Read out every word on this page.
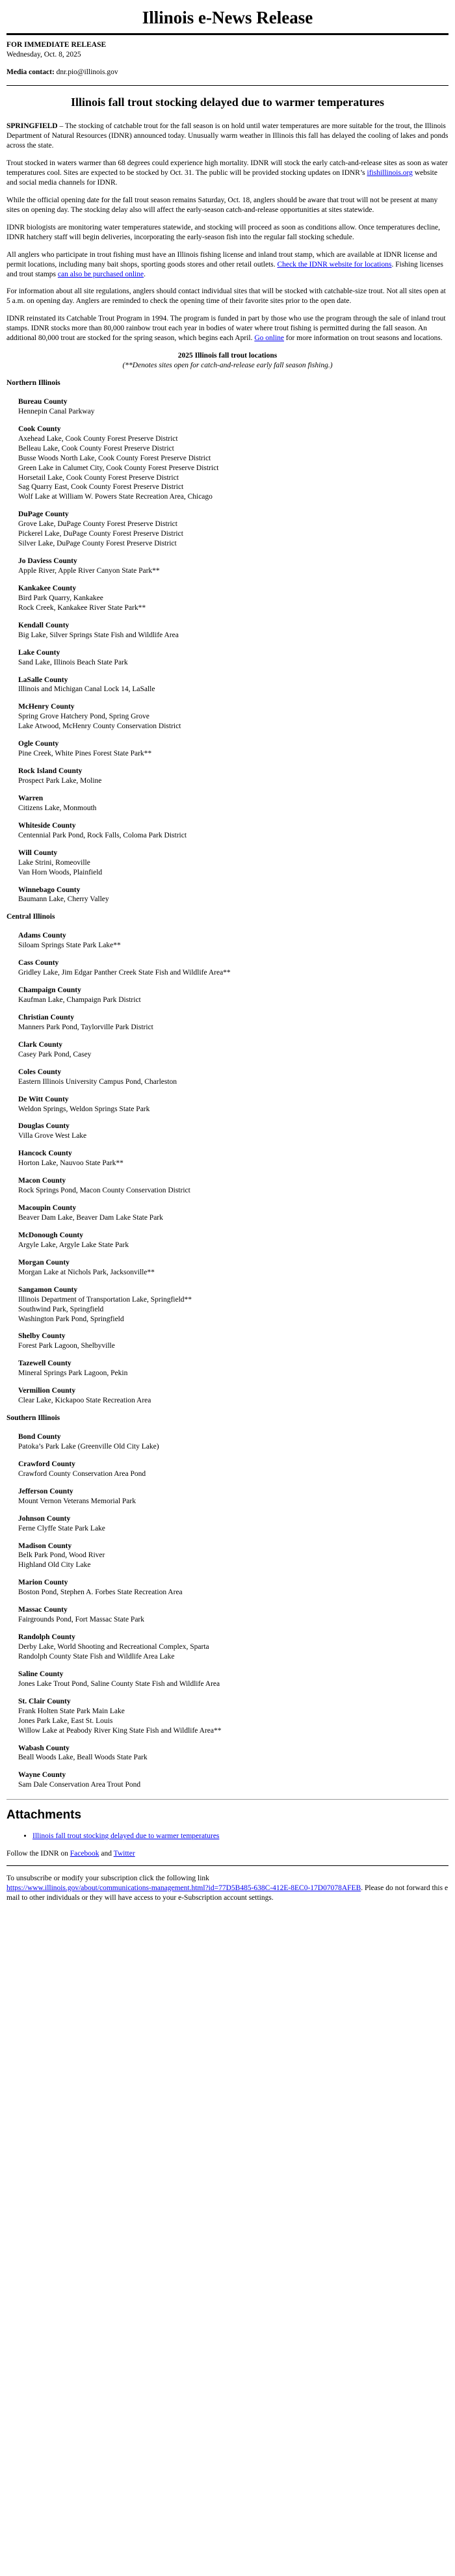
Illinois e-News Release

FOR IMMEDIATE RELEASE

Wednesday, Oct. 8, 2025

Media contact: dnr.pio@illinois.gov

Illinois fall trout stocking delayed due to warmer temperatures

SPRINGFIELD – The stocking of catchable trout for the fall season is on hold until water temperatures are more suitable for the trout, the Illinois Department of Natural Resources (IDNR) announced today. Unusually warm weather in Illinois this fall has delayed the cooling of lakes and ponds across the state.

Trout stocked in waters warmer than 68 degrees could experience high mortality. IDNR will stock the early catch-and-release sites as soon as water temperatures cool. Sites are expected to be stocked by Oct. 31. The public will be provided stocking updates on IDNR’s ifishillinois.org website and social media channels for IDNR.

While the official opening date for the fall trout season remains Saturday, Oct. 18, anglers should be aware that trout will not be present at many sites on opening day. The stocking delay also will affect the early-season catch-and-release opportunities at sites statewide.

IDNR biologists are monitoring water temperatures statewide, and stocking will proceed as soon as conditions allow. Once temperatures decline, IDNR hatchery staff will begin deliveries, incorporating the early-season fish into the regular fall stocking schedule.

All anglers who participate in trout fishing must have an Illinois fishing license and inland trout stamp, which are available at IDNR license and permit locations, including many bait shops, sporting goods stores and other retail outlets. Check the IDNR website for locations. Fishing licenses and trout stamps can also be purchased online.

For information about all site regulations, anglers should contact individual sites that will be stocked with catchable-size trout. Not all sites open at 5 a.m. on opening day. Anglers are reminded to check the opening time of their favorite sites prior to the open date.

IDNR reinstated its Catchable Trout Program in 1994. The program is funded in part by those who use the program through the sale of inland trout stamps. IDNR stocks more than 80,000 rainbow trout each year in bodies of water where trout fishing is permitted during the fall season. An additional 80,000 trout are stocked for the spring season, which begins each April. Go online for more information on trout seasons and locations.

2025 Illinois fall trout locations

(**Denotes sites open for catch-and-release early fall season fishing.)

Northern Illinois
Bureau County
Hennepin Canal Parkway
Cook County
Axehead Lake, Cook County Forest Preserve District
Belleau Lake, Cook County Forest Preserve District
Busse Woods North Lake, Cook County Forest Preserve District
Green Lake in Calumet City, Cook County Forest Preserve District
Horsetail Lake, Cook County Forest Preserve District
Sag Quarry East, Cook County Forest Preserve District
Wolf Lake at William W. Powers State Recreation Area, Chicago
DuPage County
Grove Lake, DuPage County Forest Preserve District
Pickerel Lake, DuPage County Forest Preserve District
Silver Lake, DuPage County Forest Preserve District
Jo Daviess County
Apple River, Apple River Canyon State Park**
Kankakee County
Bird Park Quarry, Kankakee
Rock Creek, Kankakee River State Park**
Kendall County
Big Lake, Silver Springs State Fish and Wildlife Area
Lake County
Sand Lake, Illinois Beach State Park
LaSalle County
Illinois and Michigan Canal Lock 14, LaSalle
McHenry County
Spring Grove Hatchery Pond, Spring Grove
Lake Atwood, McHenry County Conservation District
Ogle County
Pine Creek, White Pines Forest State Park**
Rock Island County
Prospect Park Lake, Moline
Warren
Citizens Lake, Monmouth
Whiteside County
Centennial Park Pond, Rock Falls, Coloma Park District
Will County
Lake Strini, Romeoville
Van Horn Woods, Plainfield
Winnebago County
Baumann Lake, Cherry Valley
Central Illinois
Adams County
Siloam Springs State Park Lake**
Cass County
Gridley Lake, Jim Edgar Panther Creek State Fish and Wildlife Area**
Champaign County
Kaufman Lake, Champaign Park District
Christian County
Manners Park Pond, Taylorville Park District
Clark County
Casey Park Pond, Casey
Coles County
Eastern Illinois University Campus Pond, Charleston
De Witt County
Weldon Springs, Weldon Springs State Park
Douglas County
Villa Grove West Lake
Hancock County
Horton Lake, Nauvoo State Park**
Macon County
Rock Springs Pond, Macon County Conservation District
Macoupin County
Beaver Dam Lake, Beaver Dam Lake State Park
McDonough County
Argyle Lake, Argyle Lake State Park
Morgan County
Morgan Lake at Nichols Park, Jacksonville**
Sangamon County
Illinois Department of Transportation Lake, Springfield**
Southwind Park, Springfield
Washington Park Pond, Springfield
Shelby County
Forest Park Lagoon, Shelbyville
Tazewell County
Mineral Springs Park Lagoon, Pekin
Vermilion County
Clear Lake, Kickapoo State Recreation Area
Southern Illinois
Bond County
Patoka’s Park Lake (Greenville Old City Lake)
Crawford County
Crawford County Conservation Area Pond
Jefferson County
Mount Vernon Veterans Memorial Park
Johnson County
Ferne Clyffe State Park Lake
Madison County
Belk Park Pond, Wood River
Highland Old City Lake
Marion County
Boston Pond, Stephen A. Forbes State Recreation Area
Massac County
Fairgrounds Pond, Fort Massac State Park
Randolph County
Derby Lake, World Shooting and Recreational Complex, Sparta
Randolph County State Fish and Wildlife Area Lake
Saline County
Jones Lake Trout Pond, Saline County State Fish and Wildlife Area
St. Clair County
Frank Holten State Park Main Lake
Jones Park Lake, East St. Louis
Willow Lake at Peabody River King State Fish and Wildlife Area**
Wabash County
Beall Woods Lake, Beall Woods State Park
Wayne County
Sam Dale Conservation Area Trout Pond
Attachments
• Illinois fall trout stocking delayed due to warmer temperatures

Follow the IDNR on Facebook and Twitter

To unsubscribe or modify your subscription click the following link
https://www.illinois.gov/about/communications-management.html?id=77D5B485-638C-412E-8EC0-17D07078AFEB. Please do not forward this email to other individuals or they will have access to your e-Subscription account settings.
